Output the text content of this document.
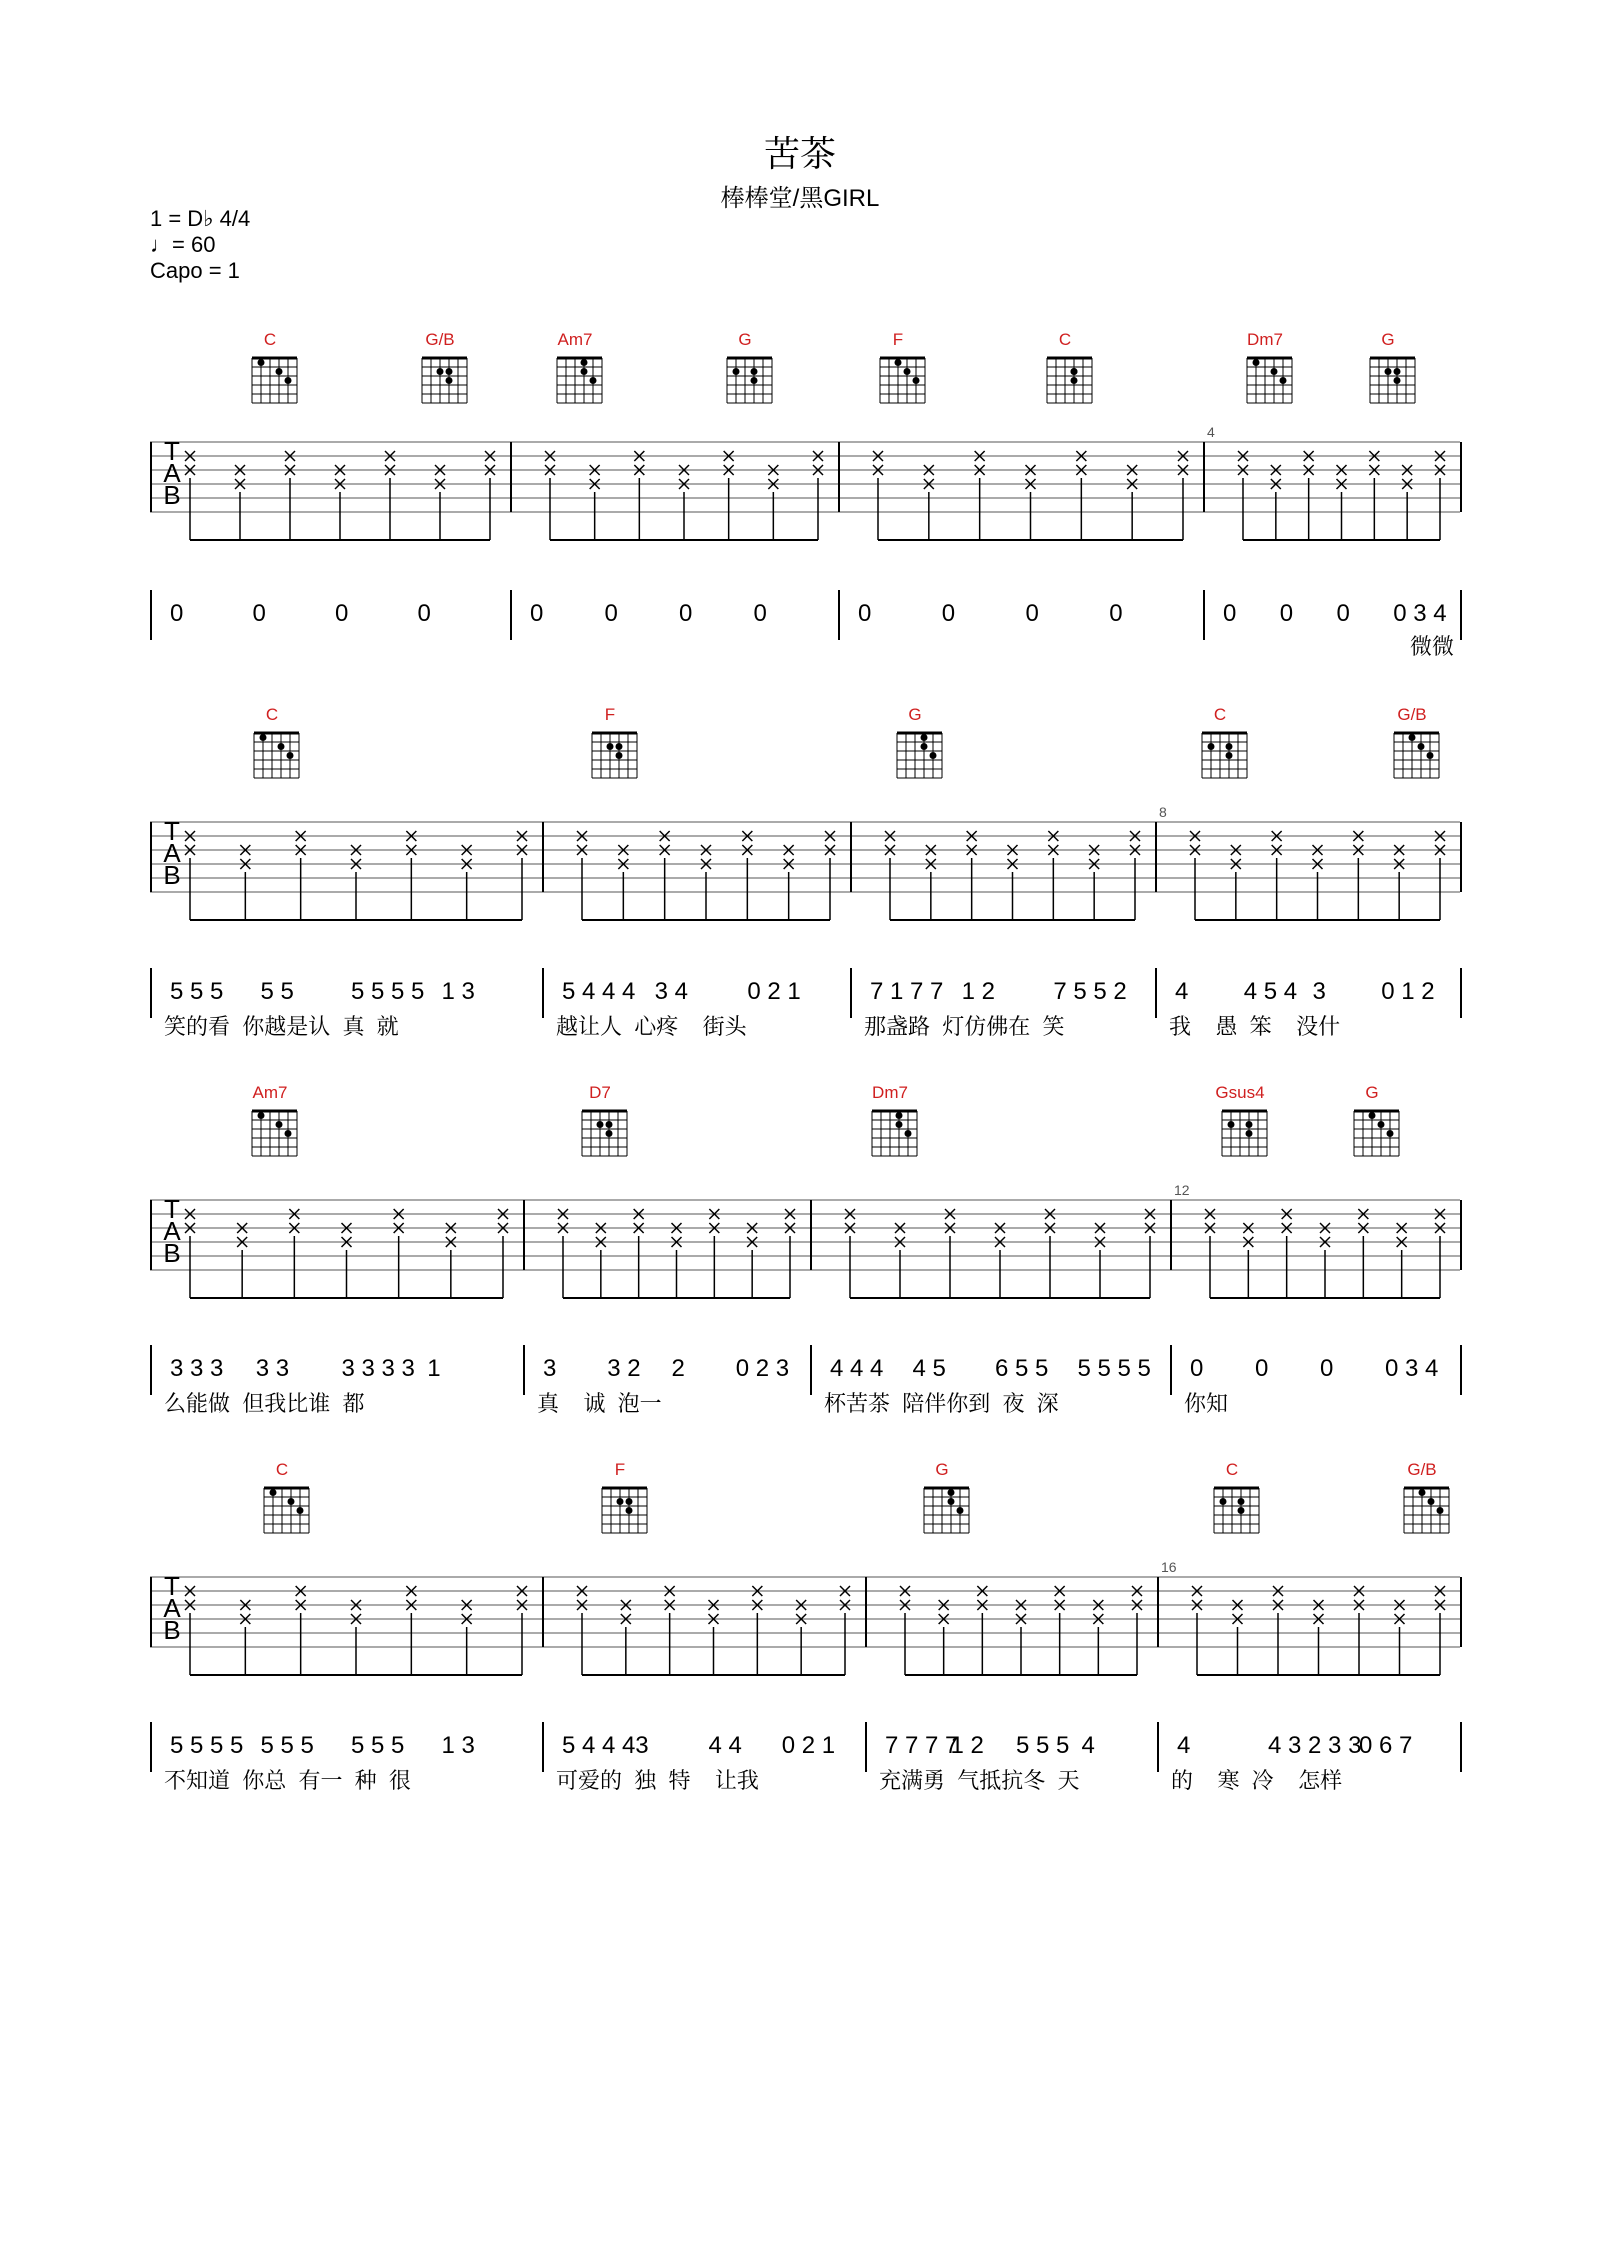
苦茶
棒棒堂/黑GIRL
1 = D♭ 4/4
♩= 60
Capo = 1
C	G/B	Am7	G	F	C	Dm7	G
T
A
B
4
0	0	0	0	0	0	0	0	0	0	0	0	0 0 0 0 3 4
微微
C	F	G	C	G/B
T
A
B
8
5 5 5 5 5 5 5 5 5 1 3
笑的看  你越是认  真  就
5 4 4 4 3 4 0 2 1
越让人  心疼    街头
7 1 7 7 1 2 7 5 5 2
那盏路  灯仿佛在  笑
4 4 5 4 3 0 1 2
我    愚  笨    没什
Am7	D7	Dm7	Gsus4	G
T
A
B
12
3 3 3 3 3 3 3 3 3 1
么能做  但我比谁  都
3 3 2 2 0 2 3
真    诚  泡一
4 4 4 4 5 6 5 5 5 5 5 5
杯苦茶  陪伴你到  夜  深
0 0 0 0 3 4
你知
C	F	G	C	G/B
T
A
B
16
5 5 5 5 5 5 5 5 5 5 1 3
不知道  你总  有一  种  很
5 4 4 4 3 4 4 0 2 1
可爱的  独  特    让我
7 7 7 7
1 2 5 5 5 4
充满勇  气抵抗冬  天
4	4 3 2 3 3
0 6 7
的    寒  冷    怎样
